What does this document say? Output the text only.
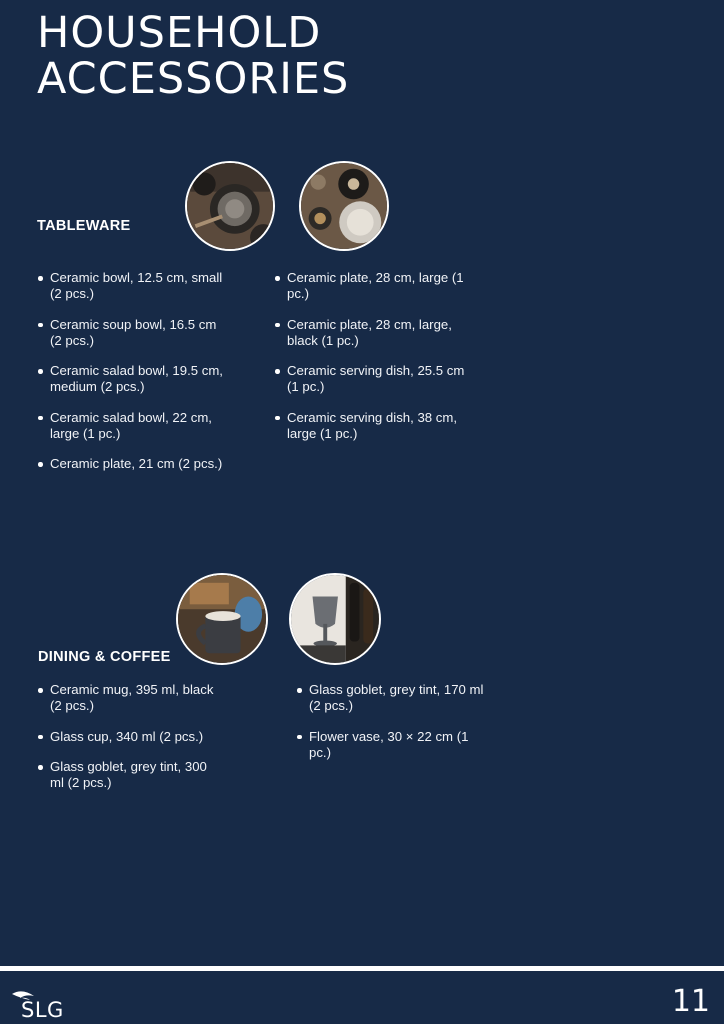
HOUSEHOLD
ACCESSORIES
TABLEWARE
Ceramic bowl, 12.5 cm, small (2 pcs.)
Ceramic soup bowl, 16.5 cm (2 pcs.)
Ceramic salad bowl, 19.5 cm, medium (2 pcs.)
Ceramic salad bowl, 22 cm, large (1 pc.)
Ceramic plate, 21 cm (2 pcs.)
Ceramic plate, 28 cm, large (1 pc.)
Ceramic plate, 28 cm, large, black (1 pc.)
Ceramic serving dish, 25.5 cm (1 pc.)
Ceramic serving dish, 38 cm, large (1 pc.)
DINING & COFFEE
Ceramic mug, 395 ml, black (2 pcs.)
Glass cup, 340 ml (2 pcs.)
Glass goblet, grey tint, 300 ml (2 pcs.)
Glass goblet, grey tint, 170 ml (2 pcs.)
Flower vase, 30 × 22 cm (1 pc.)
SLG	11
